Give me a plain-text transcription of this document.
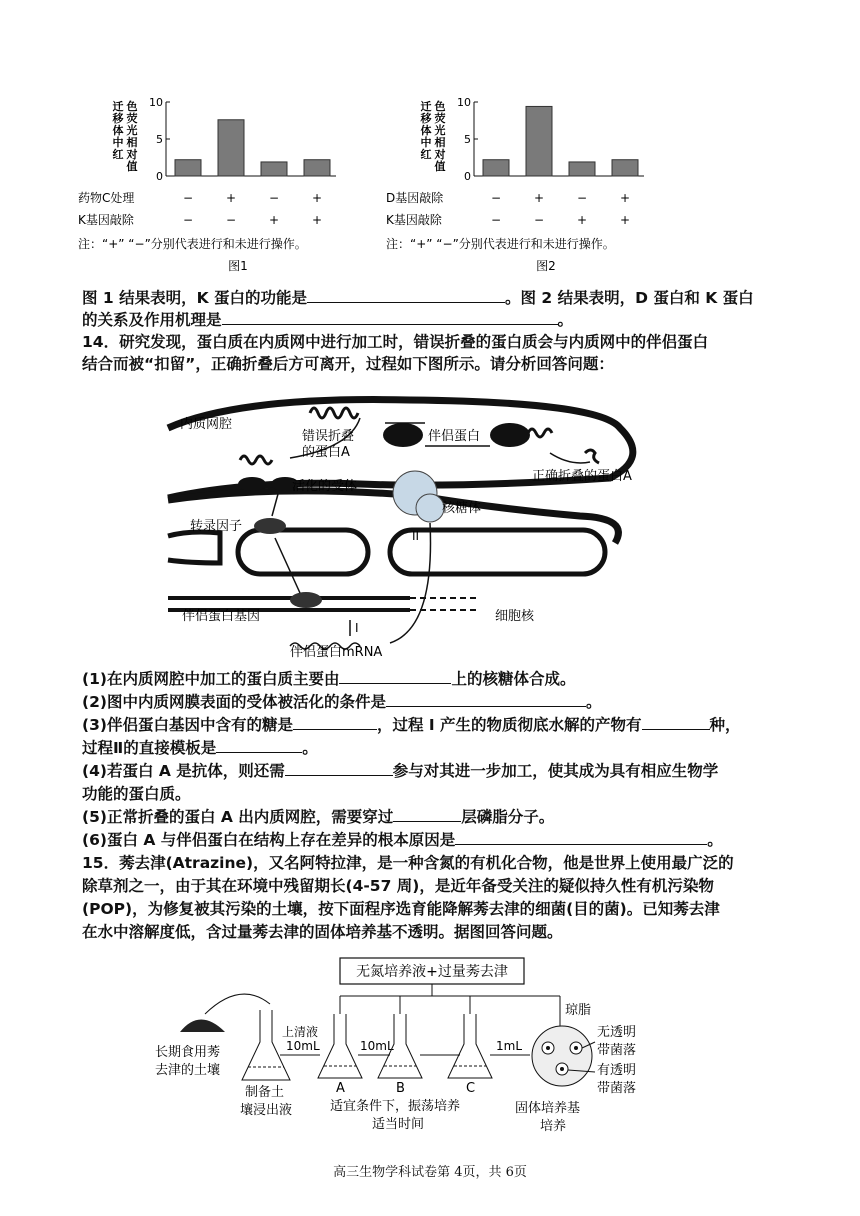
迁
移
体
中
红
色
荧
光
相
对
值
10
5
0
药物C处理	−	+	−	+
K基因敲除	−	−	+	+
注：“+” “−”分别代表进行和未进行操作。
图1
迁
移
体
中
红
色
荧
光
相
对
值
10
5
0
D基因敲除	−	+	−	+
K基因敲除	−	−	+	+
注：“+” “−”分别代表进行和未进行操作。
图2
图 1 结果表明，K 蛋白的功能是	。图 2 结果表明，D 蛋白和 K 蛋白
的关系及作用机理是	。
14．研究发现，蛋白质在内质网中进行加工时，错误折叠的蛋白质会与内质网中的伴侣蛋白
结合而被“扣留”，正确折叠后方可离开，过程如下图所示。请分析回答问题：
内质网腔
错误折叠
的蛋白A
伴侣蛋白
正确折叠的蛋白A
活化的受体
核糖体
转录因子
伴侣蛋白基因	细胞核
伴侣蛋白mRNA
I
II
(1)在内质网腔中加工的蛋白质主要由	上的核糖体合成。
(2)图中内质网膜表面的受体被活化的条件是	。
(3)伴侣蛋白基因中含有的糖是	，过程 I 产生的物质彻底水解的产物有	种，
过程Ⅱ的直接模板是	。
(4)若蛋白 A 是抗体，则还需	参与对其进一步加工，使其成为具有相应生物学
功能的蛋白质。
(5)正常折叠的蛋白 A 出内质网腔，需要穿过	层磷脂分子。
(6)蛋白 A 与伴侣蛋白在结构上存在差异的根本原因是	。
15．莠去津(Atrazine)，又名阿特拉津，是一种含氮的有机化合物，他是世界上使用最广泛的
除草剂之一，由于其在环境中残留期长(4-57 周)，是近年备受关注的疑似持久性有机污染物
(POP)，为修复被其污染的土壤，按下面程序选育能降解莠去津的细菌(目的菌)。已知莠去津
在水中溶解度低，含过量莠去津的固体培养基不透明。据图回答问题。
无氮培养液+过量莠去津
琼脂
长期食用莠
去津的土壤
制备土
壤浸出液
上清液
10mL
A
10mL
B	C
1mL
适宜条件下，振荡培养
适当时间
无透明
带菌落
有透明
带菌落
固体培养基
培养
高三生物学科试卷第 4页，共 6页
